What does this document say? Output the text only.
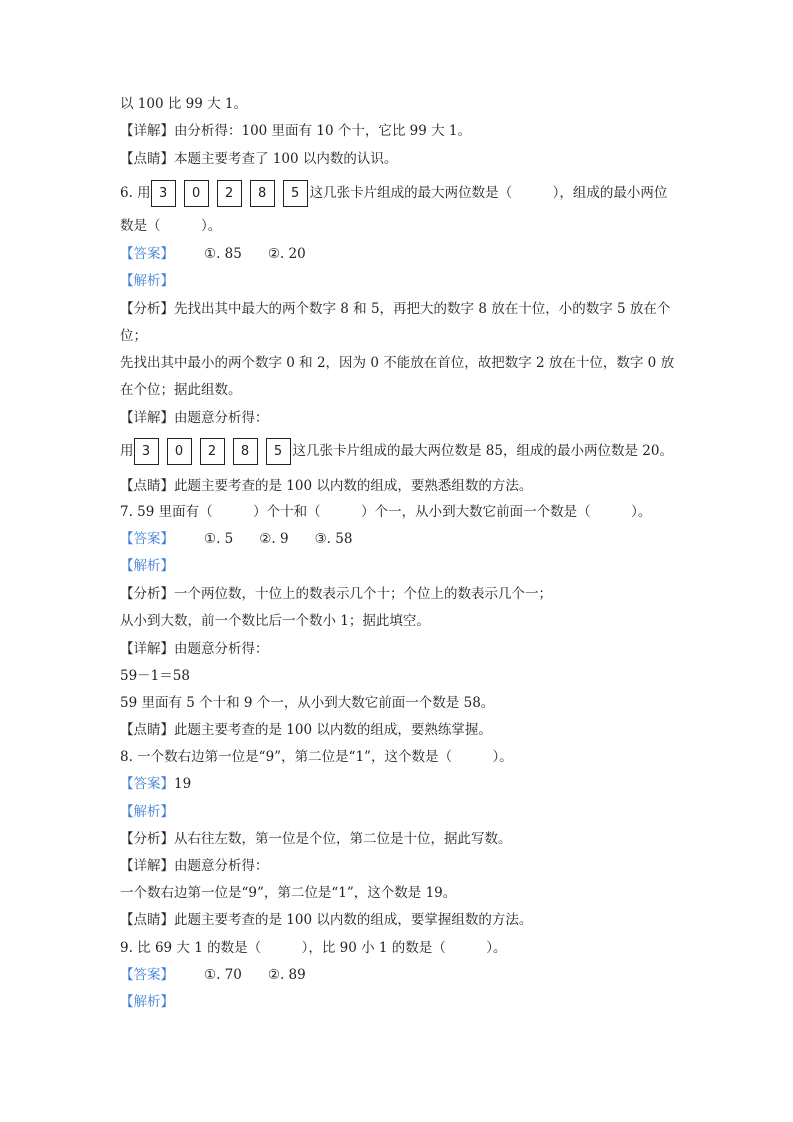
以 100 比 99 大 1。
【详解】由分析得：100 里面有 10 个十，它比 99 大 1。
【点睛】本题主要考查了 100 以内数的认识。
6. 用 3 0 2 8 5 这几张卡片组成的最大两位数是（　　　），组成的最小两位
数是（　　　）。
【答案】 ①. 85 ②. 20
【解析】
【分析】先找出其中最大的两个数字 8 和 5，再把大的数字 8 放在十位，小的数字 5 放在个
位；
先找出其中最小的两个数字 0 和 2，因为 0 不能放在首位，故把数字 2 放在十位，数字 0 放
在个位；据此组数。
【详解】由题意分析得：
用 3 0 2 8 5 这几张卡片组成的最大两位数是 85，组成的最小两位数是 20。
【点睛】此题主要考查的是 100 以内数的组成，要熟悉组数的方法。
7. 59 里面有（　　　）个十和（　　　）个一，从小到大数它前面一个数是（　　　）。
【答案】 ①. 5 ②. 9 ③. 58
【解析】
【分析】一个两位数，十位上的数表示几个十；个位上的数表示几个一；
从小到大数，前一个数比后一个数小 1；据此填空。
【详解】由题意分析得：
59－1＝58
59 里面有 5 个十和 9 个一，从小到大数它前面一个数是 58。
【点睛】此题主要考查的是 100 以内数的组成，要熟练掌握。
8. 一个数右边第一位是“9”，第二位是“1”，这个数是（　　　）。
【答案】19
【解析】
【分析】从右往左数，第一位是个位，第二位是十位，据此写数。
【详解】由题意分析得：
一个数右边第一位是“9”，第二位是“1”，这个数是 19。
【点睛】此题主要考查的是 100 以内数的组成，要掌握组数的方法。
9. 比 69 大 1 的数是（　　　），比 90 小 1 的数是（　　　）。
【答案】 ①. 70 ②. 89
【解析】
